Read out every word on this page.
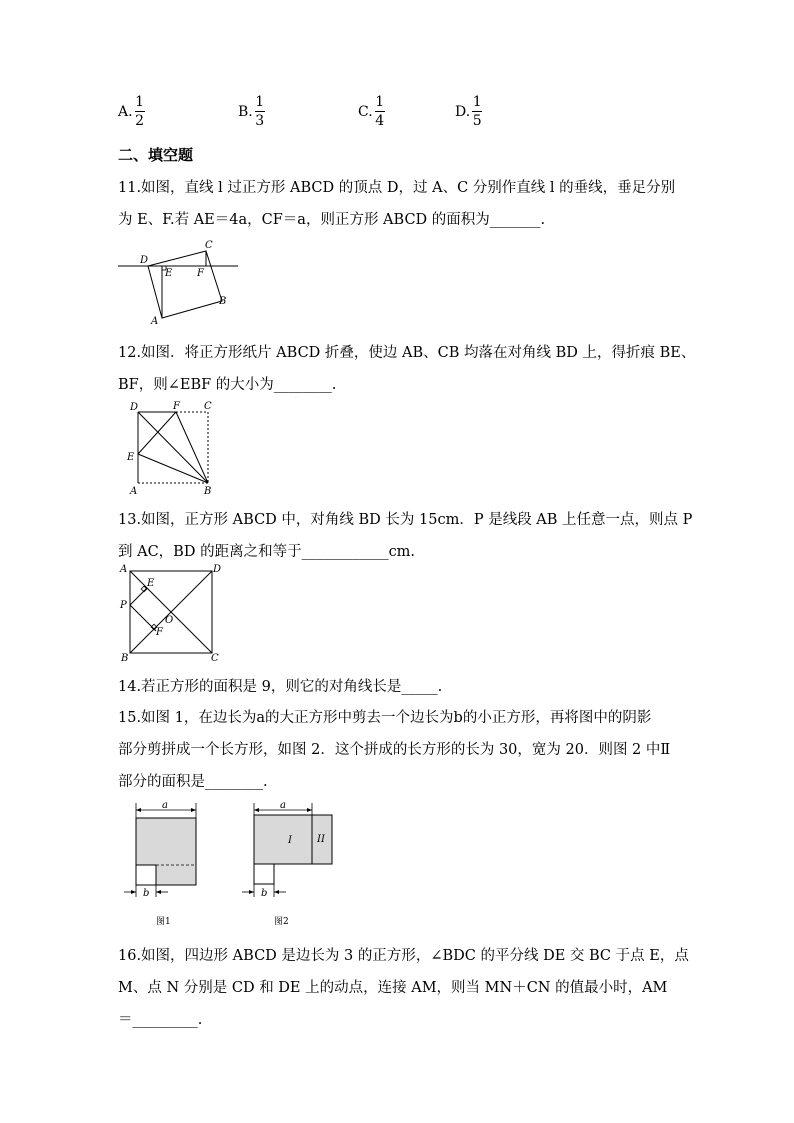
A. $\frac{1}{2}$	B. $\frac{1}{3}$	C. $\frac{1}{4}$	D. $\frac{1}{5}$
二、填空题
11.如图，直线 l 过正方形 ABCD 的顶点 D，过 A、C 分别作直线 l 的垂线，垂足分别
为 E、F.若 AE＝4a，CF＝a，则正方形 ABCD 的面积为_______.
D
C
E F
B
A
12.如图．将正方形纸片 ABCD 折叠，使边 AB、CB 均落在对角线 BD 上，得折痕 BE、
BF，则∠EBF 的大小为________.
D	F C
E
A	B
13.如图，正方形 ABCD 中，对角线 BD 长为 15cm．P 是线段 AB 上任意一点，则点 P
到 AC，BD 的距离之和等于____________cm.
A	D
E
P
F
O
B	C
14.若正方形的面积是 9，则它的对角线长是_____.
15.如图 1，在边长为a的大正方形中剪去一个边长为b的小正方形，再将图中的阴影
部分剪拼成一个长方形，如图 2．这个拼成的长方形的长为 30，宽为 20．则图 2 中Ⅱ
部分的面积是________.
a
b
图1
a
I	II
b
图2
16.如图，四边形 ABCD 是边长为 3 的正方形，∠BDC 的平分线 DE 交 BC 于点 E，点
M、点 N 分别是 CD 和 DE 上的动点，连接 AM，则当 MN＋CN 的值最小时，AM
＝_________.
